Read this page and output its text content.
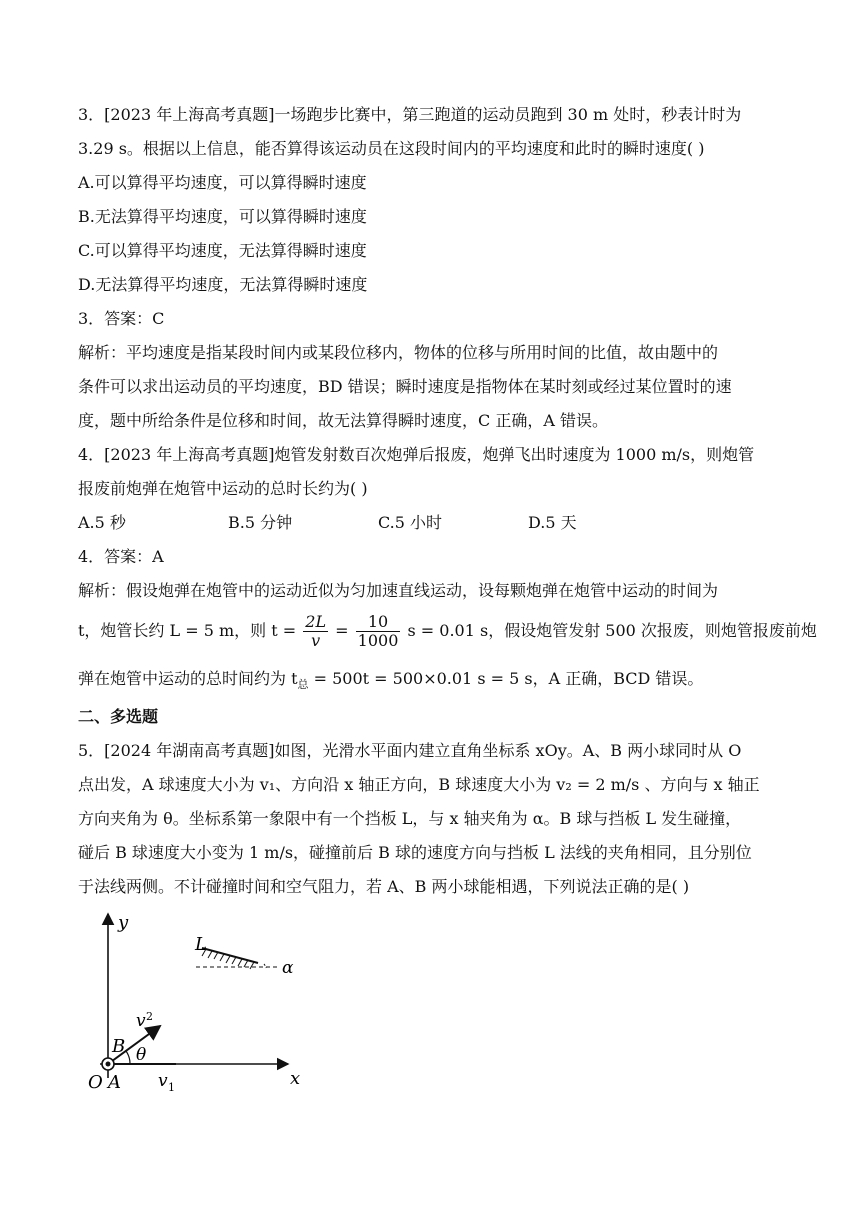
3．[2023 年上海高考真题]一场跑步比赛中，第三跑道的运动员跑到 30 m 处时，秒表计时为
3.29 s。根据以上信息，能否算得该运动员在这段时间内的平均速度和此时的瞬时速度( )
A.可以算得平均速度，可以算得瞬时速度
B.无法算得平均速度，可以算得瞬时速度
C.可以算得平均速度，无法算得瞬时速度
D.无法算得平均速度，无法算得瞬时速度
3．答案：C
解析：平均速度是指某段时间内或某段位移内，物体的位移与所用时间的比值，故由题中的
条件可以求出运动员的平均速度，BD 错误；瞬时速度是指物体在某时刻或经过某位置时的速
度，题中所给条件是位移和时间，故无法算得瞬时速度，C 正确，A 错误。
4．[2023 年上海高考真题]炮管发射数百次炮弹后报废，炮弹飞出时速度为 1000 m/s，则炮管
报废前炮弹在炮管中运动的总时长约为( )
A.5 秒	B.5 分钟	C.5 小时	D.5 天
4．答案：A
解析：假设炮弹在炮管中的运动近似为匀加速直线运动，设每颗炮弹在炮管中运动的时间为
t，炮管长约 L = 5 m，则 $t = \frac{2L}{v} = \frac{10}{1000}$ s = 0.01 s，假设炮管发射 500 次报废，则炮管报废前炮
弹在炮管中运动的总时间约为 $t_总 = 500t = 500\times 0.01$ s = 5 s，A 正确，BCD 错误。
二、多选题
5．[2024 年湖南高考真题]如图，光滑水平面内建立直角坐标系 xOy。A、B 两小球同时从 O
点出发，A 球速度大小为 v₁、方向沿 x 轴正方向，B 球速度大小为 v₂ = 2 m/s 、方向与 x 轴正
方向夹角为 θ。坐标系第一象限中有一个挡板 L，与 x 轴夹角为 α。B 球与挡板 L 发生碰撞，
碰后 B 球速度大小变为 1 m/s，碰撞前后 B 球的速度方向与挡板 L 法线的夹角相同，且分别位
于法线两侧。不计碰撞时间和空气阻力，若 A、B 两小球能相遇，下列说法正确的是( )
y
x
O A
B
L
v 2
v 1
θ
α
